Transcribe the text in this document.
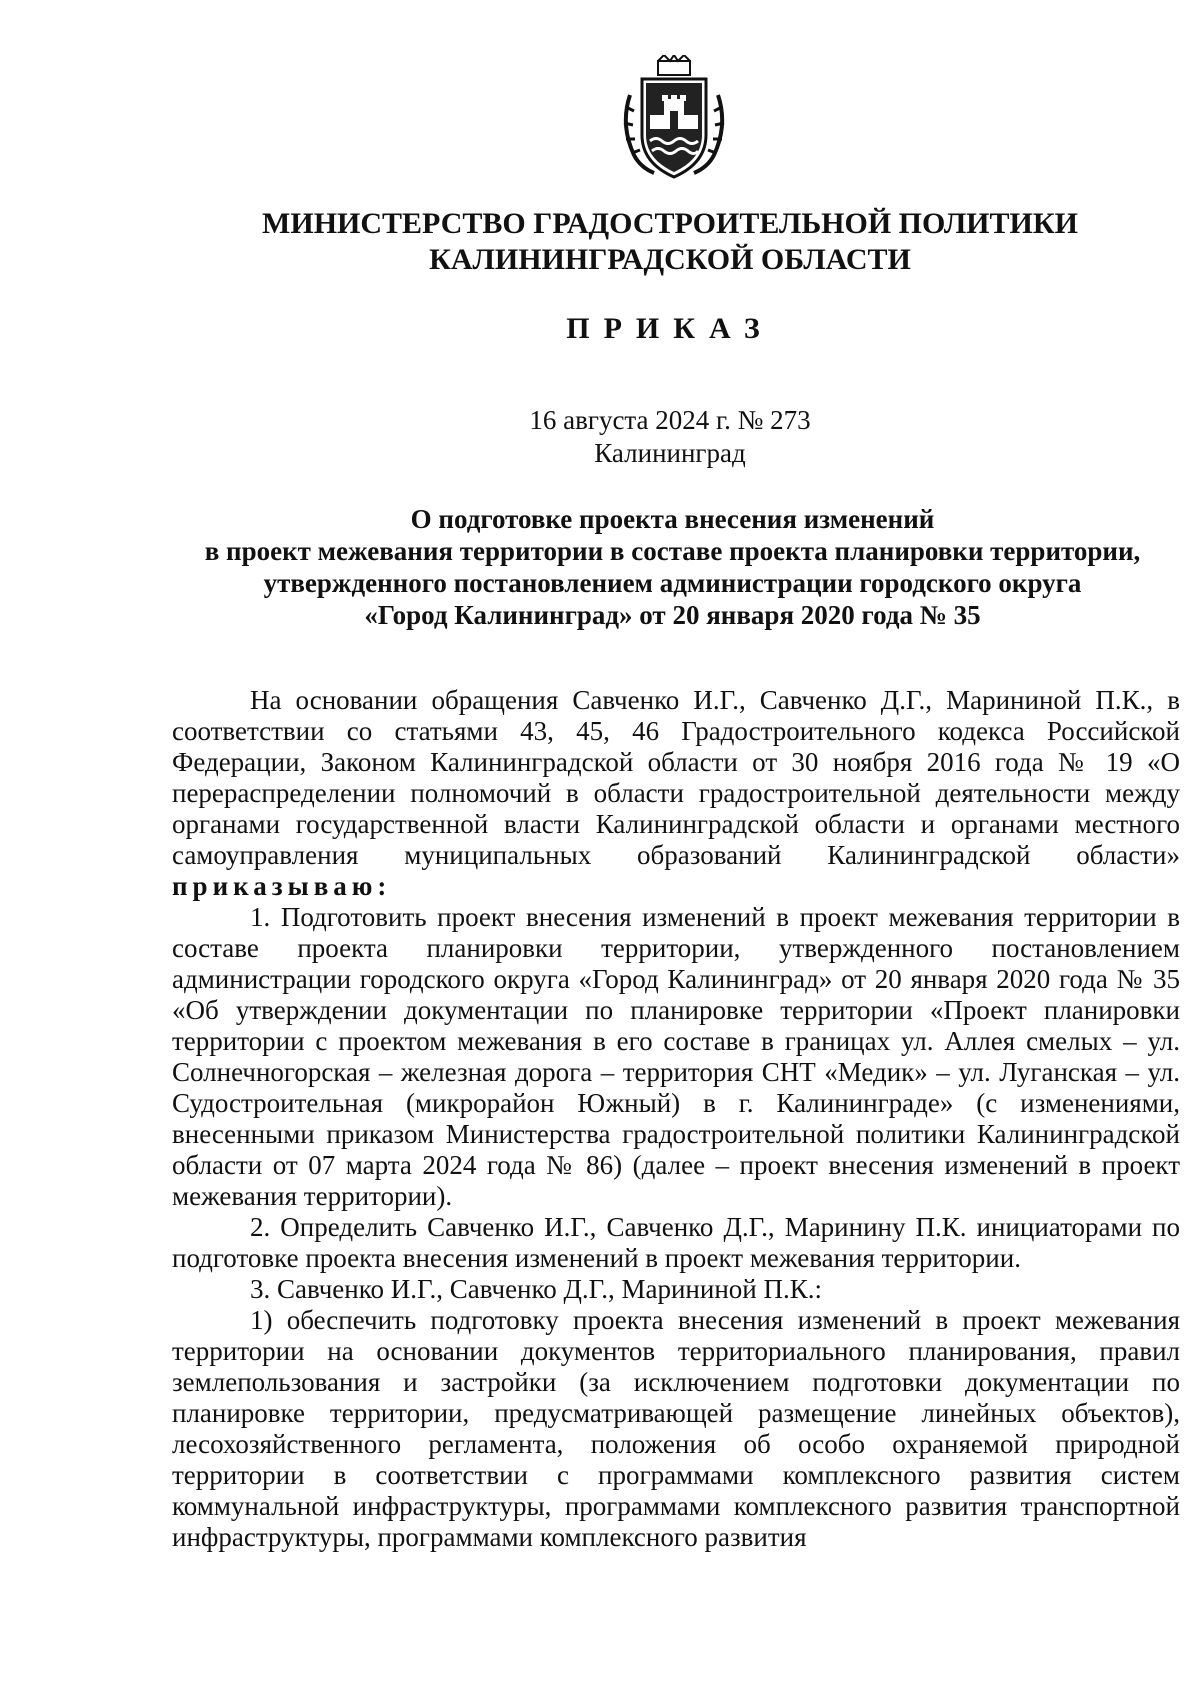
МИНИСТЕРСТВО ГРАДОСТРОИТЕЛЬНОЙ ПОЛИТИКИ
КАЛИНИНГРАДСКОЙ ОБЛАСТИ
ПРИКАЗ
16 августа 2024 г. № 273
Калининград
О подготовке проекта внесения изменений
в проект межевания территории в составе проекта планировки территории,
утвержденного постановлением администрации городского округа
«Город Калининград» от 20 января 2020 года № 35

На основании обращения Савченко И.Г., Савченко Д.Г., Марининой П.К., в соответствии со статьями 43, 45, 46 Градостроительного кодекса Российской Федерации, Законом Калининградской области от 30 ноября 2016 года № 19 «О перераспределении полномочий в области градостроительной деятельности между органами государственной власти Калининградской области и органами местного самоуправления муниципальных образований Калининградской области» приказываю:

1. Подготовить проект внесения изменений в проект межевания территории в составе проекта планировки территории, утвержденного постановлением администрации городского округа «Город Калининград» от 20 января 2020 года № 35 «Об утверждении документации по планировке территории «Проект планировки территории с проектом межевания в его составе в границах ул. Аллея смелых – ул. Солнечногорская – железная дорога – территория СНТ «Медик» – ул. Луганская – ул. Судостроительная (микрорайон Южный) в г. Калининграде» (с изменениями, внесенными приказом Министерства градостроительной политики Калининградской области от 07 марта 2024 года № 86) (далее – проект внесения изменений в проект межевания территории).

2. Определить Савченко И.Г., Савченко Д.Г., Маринину П.К. инициаторами по подготовке проекта внесения изменений в проект межевания территории.

3. Савченко И.Г., Савченко Д.Г., Марининой П.К.:

1) обеспечить подготовку проекта внесения изменений в проект межевания территории на основании документов территориального планирования, правил землепользования и застройки (за исключением подготовки документации по планировке территории, предусматривающей размещение линейных объектов), лесохозяйственного регламента, положения об особо охраняемой природной территории в соответствии с программами комплексного развития систем коммунальной инфраструктуры, программами комплексного развития транспортной инфраструктуры, программами комплексного развития
